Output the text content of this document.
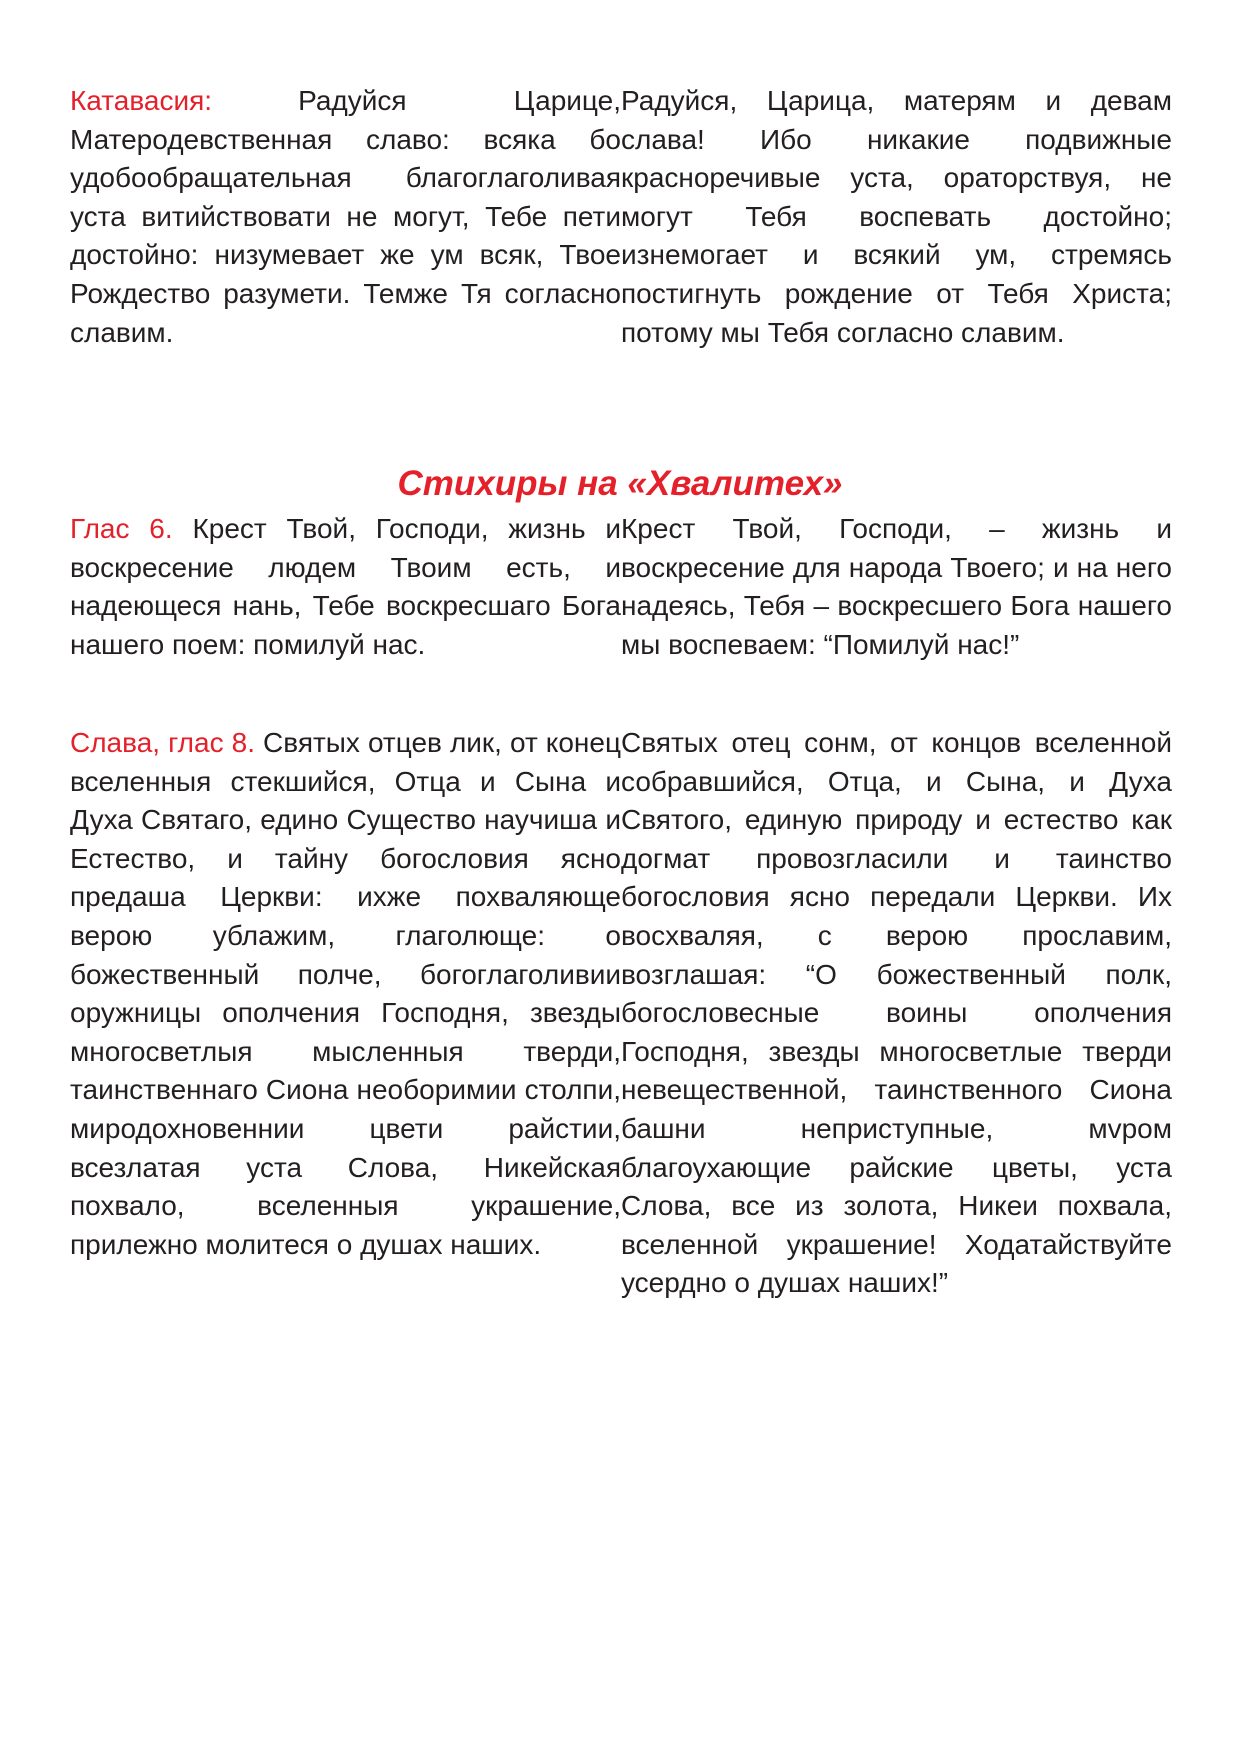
Катавасия:	Радуйся Царице, Матеродевственная славо: всяка бо удобообращательная благоглаголивая уста витийствовати не могут, Тебе пети достойно: низумевает же ум всяк, Твое Рождество разумети. Темже Тя согласно славим.

Радуйся, Царица, матерям и девам слава! Ибо никакие подвижные красноречивые уста, ораторствуя, не могут Тебя воспевать достойно; изнемогает и всякий ум, стремясь постигнуть рождение от Тебя Христа; потому мы Тебя согласно славим.

Стихиры на «Хвалитех»

Глас 6. Крест Твой, Господи, жизнь и воскресение людем Твоим есть, и надеющеся нань, Тебе воскресшаго Бога нашего поем: помилуй нас.

Крест Твой, Господи, – жизнь и воскресение для народа Твоего; и на него надеясь, Тебя – воскресшего Бога нашего мы воспеваем: “Помилуй нас!”

Слава, глас 8. Святых отцев лик, от конец вселенныя стекшийся, Отца и Сына и Духа Святаго, едино Существо научиша и Естество, и тайну богословия ясно предаша Церкви: ихже похваляюще верою ублажим, глаголюще: о божественный полче, богоглаголивии оружницы ополчения Господня, звезды многосветлыя мысленныя тверди, таинственнаго Сиона необоримии столпи, миродохновеннии цвети райстии, всезлатая уста Слова, Никейская похвало, вселенныя украшение, прилежно молитеся о душах наших.

Святых отец сонм, от концов вселенной собравшийся, Отца, и Сына, и Духа Святого, единую природу и естество как догмат провозгласили и таинство богословия ясно передали Церкви. Их восхваляя, с верою прославим, возглашая: “О божественный полк, богословесные воины ополчения Господня, звезды многосветлые тверди невещественной, таинственного Сиона башни неприступные, мvром благоухающие райские цветы, уста Слова, все из золота, Никеи похвала, вселенной украшение! Ходатайствуйте усердно о душах наших!”
